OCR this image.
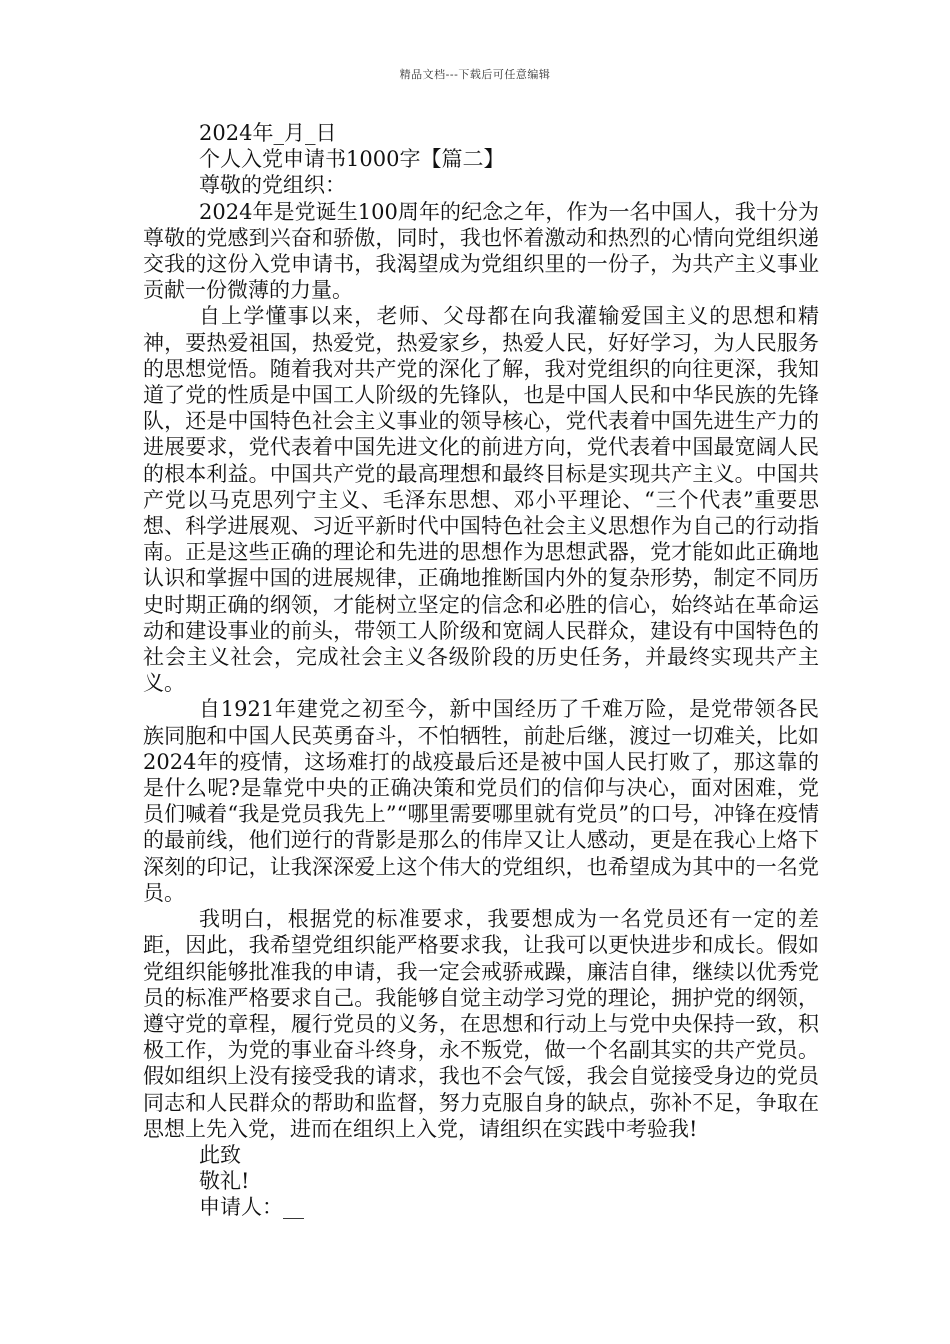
精品文档---下载后可任意编辑
2024年_月_日
个人入党申请书1000字【篇二】
尊敬的党组织：

2024年是党诞生100周年的纪念之年，作为一名中国人，我十分为尊敬的党感到兴奋和骄傲，同时，我也怀着激动和热烈的心情向党组织递交我的这份入党申请书，我渴望成为党组织里的一份子，为共产主义事业贡献一份微薄的力量。

自上学懂事以来，老师、父母都在向我灌输爱国主义的思想和精神，要热爱祖国，热爱党，热爱家乡，热爱人民，好好学习，为人民服务的思想觉悟。随着我对共产党的深化了解，我对党组织的向往更深，我知道了党的性质是中国工人阶级的先锋队，也是中国人民和中华民族的先锋队，还是中国特色社会主义事业的领导核心，党代表着中国先进生产力的进展要求，党代表着中国先进文化的前进方向，党代表着中国最宽阔人民的根本利益。中国共产党的最高理想和最终目标是实现共产主义。中国共产党以马克思列宁主义、毛泽东思想、邓小平理论、“三个代表”重要思想、科学进展观、习近平新时代中国特色社会主义思想作为自己的行动指南。正是这些正确的理论和先进的思想作为思想武器，党才能如此正确地认识和掌握中国的进展规律，正确地推断国内外的复杂形势，制定不同历史时期正确的纲领，才能树立坚定的信念和必胜的信心，始终站在革命运动和建设事业的前头，带领工人阶级和宽阔人民群众，建设有中国特色的社会主义社会，完成社会主义各级阶段的历史任务，并最终实现共产主义。

自1921年建党之初至今，新中国经历了千难万险，是党带领各民族同胞和中国人民英勇奋斗，不怕牺牲，前赴后继，渡过一切难关，比如2024年的疫情，这场难打的战疫最后还是被中国人民打败了，那这靠的是什么呢?是靠党中央的正确决策和党员们的信仰与决心，面对困难，党员们喊着“我是党员我先上”“哪里需要哪里就有党员”的口号，冲锋在疫情的最前线，他们逆行的背影是那么的伟岸又让人感动，更是在我心上烙下深刻的印记，让我深深爱上这个伟大的党组织，也希望成为其中的一名党员。

我明白，根据党的标准要求，我要想成为一名党员还有一定的差距，因此，我希望党组织能严格要求我，让我可以更快进步和成长。假如党组织能够批准我的申请，我一定会戒骄戒躁，廉洁自律，继续以优秀党员的标准严格要求自己。我能够自觉主动学习党的理论，拥护党的纲领，遵守党的章程，履行党员的义务，在思想和行动上与党中央保持一致，积极工作，为党的事业奋斗终身，永不叛党，做一个名副其实的共产党员。假如组织上没有接受我的请求，我也不会气馁，我会自觉接受身边的党员同志和人民群众的帮助和监督，努力克服自身的缺点，弥补不足，争取在思想上先入党，进而在组织上入党，请组织在实践中考验我!

此致
敬礼!
申请人：__
